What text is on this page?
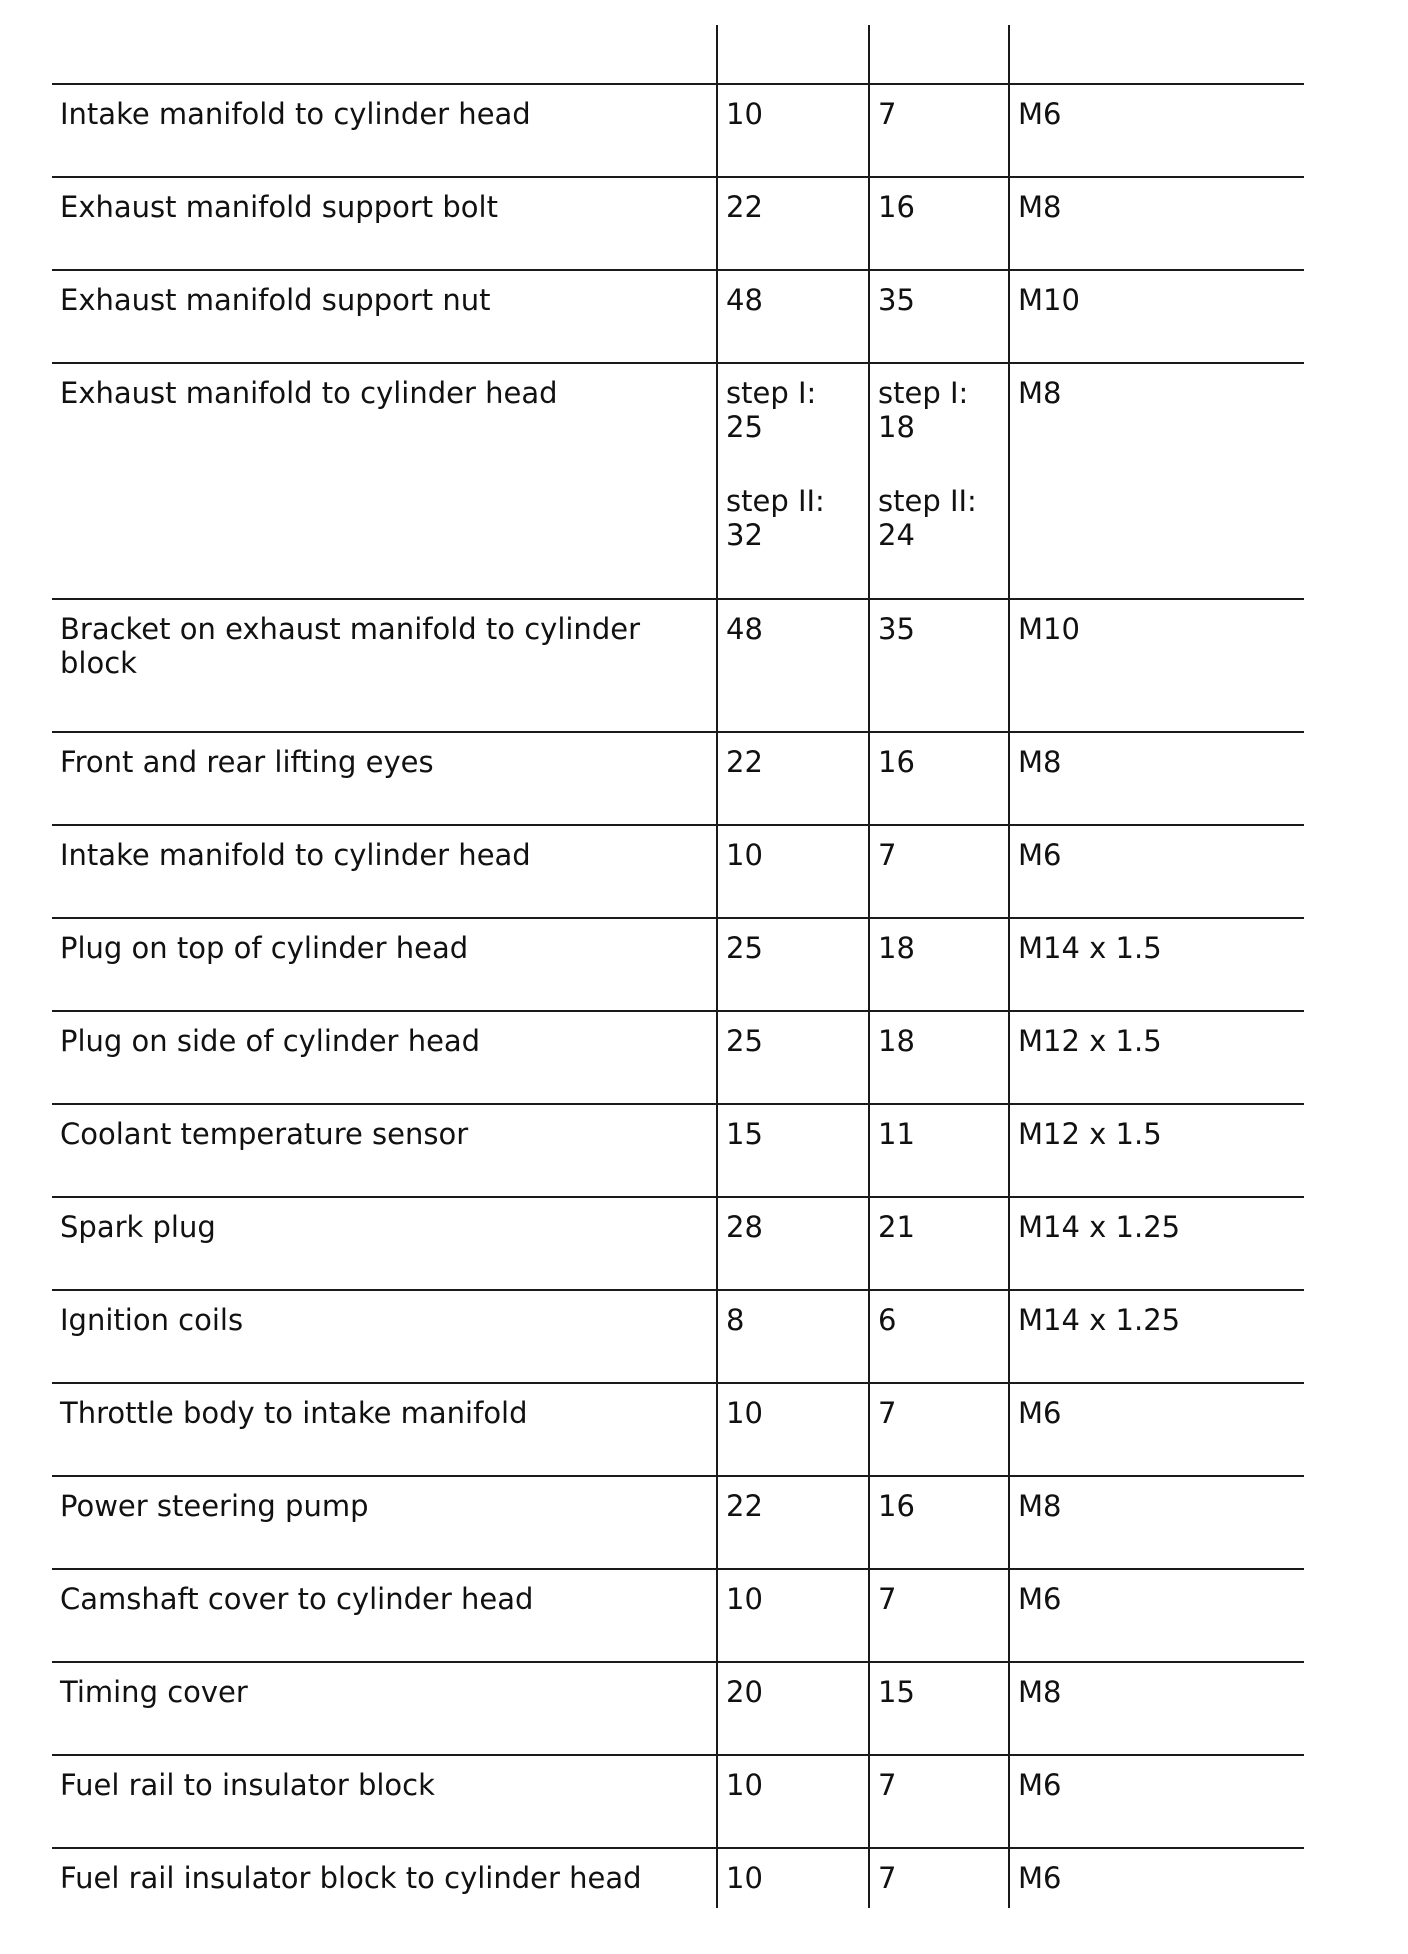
Intake manifold to cylinder head	10	7	M6
Exhaust manifold support bolt	22	16	M8
Exhaust manifold support nut	48	35	M10
Exhaust manifold to cylinder head	step I:
25
step II:
32	step I:
18
step II:
24	M8
Bracket on exhaust manifold to cylinder block	48	35	M10
Front and rear lifting eyes	22	16	M8
Intake manifold to cylinder head	10	7	M6
Plug on top of cylinder head	25	18	M14 x 1.5
Plug on side of cylinder head	25	18	M12 x 1.5
Coolant temperature sensor	15	11	M12 x 1.5
Spark plug	28	21	M14 x 1.25
Ignition coils	8	6	M14 x 1.25
Throttle body to intake manifold	10	7	M6
Power steering pump	22	16	M8
Camshaft cover to cylinder head	10	7	M6
Timing cover	20	15	M8
Fuel rail to insulator block	10	7	M6
Fuel rail insulator block to cylinder head	10	7	M6
